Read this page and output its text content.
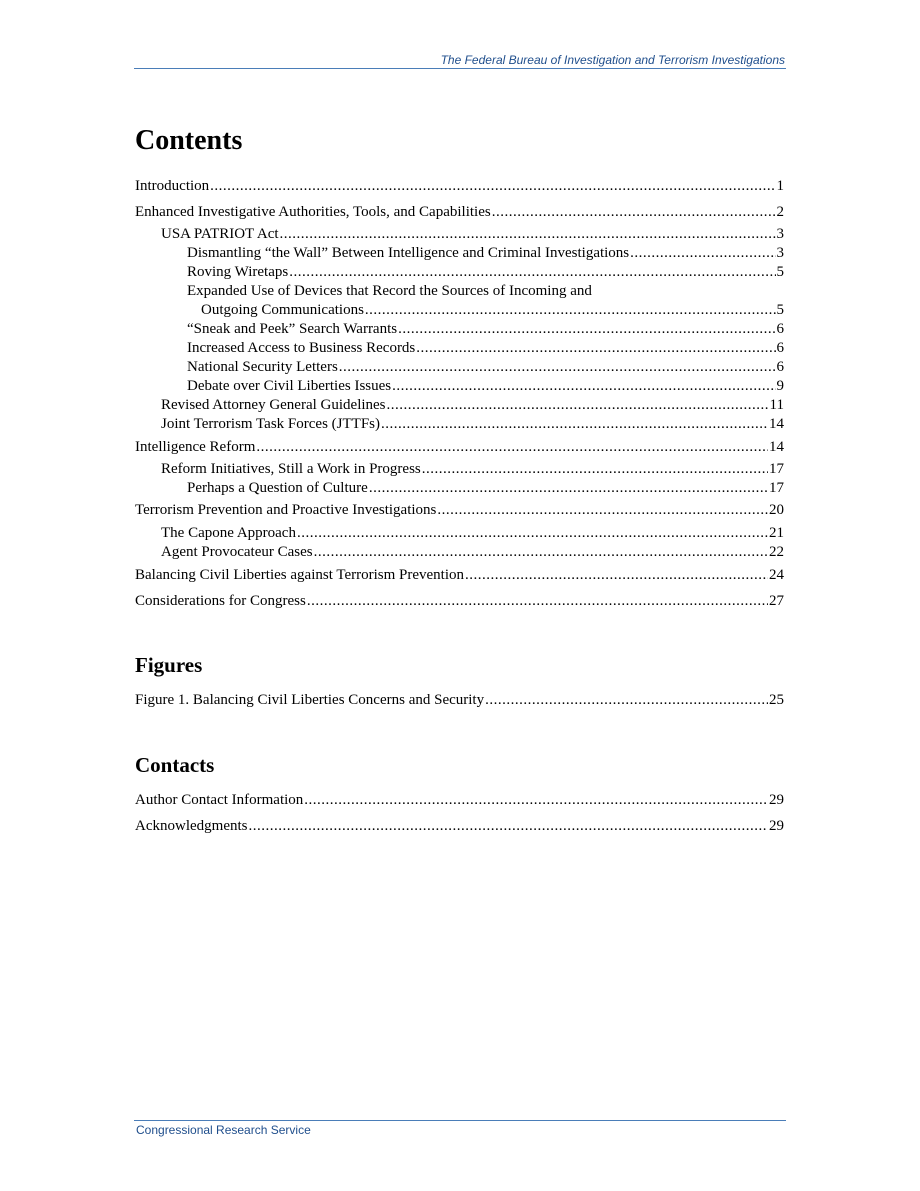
The Federal Bureau of Investigation and Terrorism Investigations
Contents
Introduction .....	1
Enhanced Investigative Authorities, Tools, and Capabilities .....	2
USA PATRIOT Act .....	3
Dismantling “the Wall” Between Intelligence and Criminal Investigations .....	3
Roving Wiretaps .....	5
Expanded Use of Devices that Record the Sources of Incoming and
Outgoing Communications .....	5
“Sneak and Peek” Search Warrants .....	6
Increased Access to Business Records .....	6
National Security Letters .....	6
Debate over Civil Liberties Issues .....	9
Revised Attorney General Guidelines .....	11
Joint Terrorism Task Forces (JTTFs) .....	14
Intelligence Reform .....	14
Reform Initiatives, Still a Work in Progress .....	17
Perhaps a Question of Culture .....	17
Terrorism Prevention and Proactive Investigations .....	20
The Capone Approach .....	21
Agent Provocateur Cases .....	22
Balancing Civil Liberties against Terrorism Prevention .....	24
Considerations for Congress .....	27
Figure 1. Balancing Civil Liberties Concerns and Security .....	25
Author Contact Information .....	29
Acknowledgments .....	29
Figures
Contacts
Congressional Research Service
